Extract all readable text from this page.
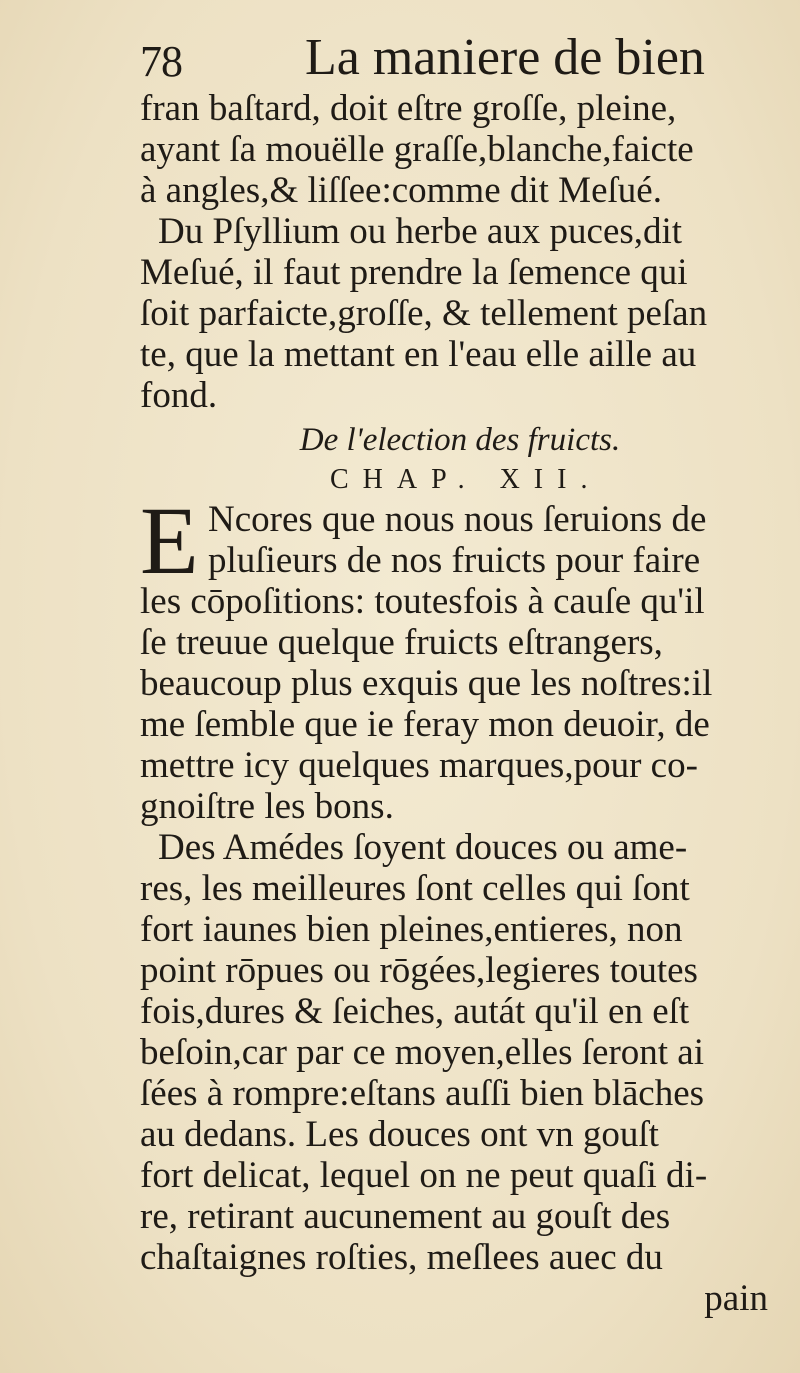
78 La maniere de bien
fran baſtard, doit eſtre groſſe, pleine,
ayant ſa mouëlle graſſe,blanche,faicte
à angles,& liſſee:comme dit Meſué.
Du Pſyllium ou herbe aux puces,dit
Meſué, il faut prendre la ſemence qui
ſoit parfaicte,groſſe, & tellement peſan
te, que la mettant en l'eau elle aille au
fond.
De l'election des fruicts.
CHAP. XII.
E Ncores que nous nous ſeruions de
pluſieurs de nos fruicts pour faire
les cōpoſitions: toutesfois à cauſe qu'il
ſe treuue quelque fruicts eſtrangers,
beaucoup plus exquis que les noſtres:il
me ſemble que ie feray mon deuoir, de
mettre icy quelques marques,pour co-
gnoiſtre les bons.
Des Amédes ſoyent douces ou ame-
res, les meilleures ſont celles qui ſont
fort iaunes bien pleines,entieres, non
point rōpues ou rōgées,legieres toutes
fois,dures & ſeiches, autát qu'il en eſt
beſoin,car par ce moyen,elles ſeront ai
ſées à rompre:eſtans auſſi bien blāches
au dedans. Les douces ont vn gouſt
fort delicat, lequel on ne peut quaſi di-
re, retirant aucunement au gouſt des
chaſtaignes roſties, meſlees auec du
pain
